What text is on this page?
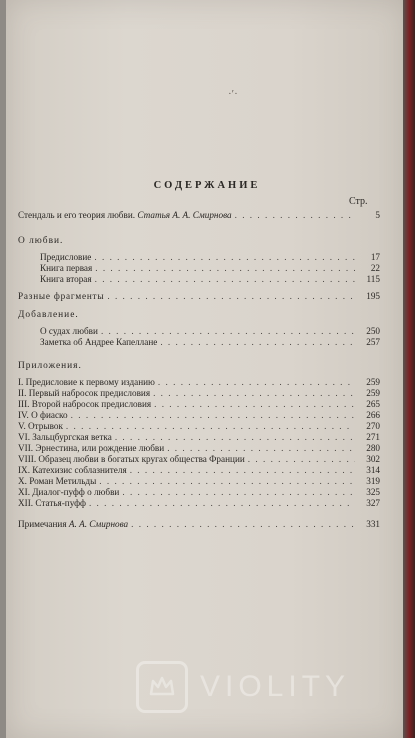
·ʹ·
СОДЕРЖАНИЕ
Стр.
Стендаль и его теория любви. Статья А. А. Смирнова . . .	5
О любви.
Предисловие . . .	17
Книга первая . . .	22
Книга вторая . . .	115
Разные фрагменты . . .	195
Добавление.
О судах любви . . .	250
Заметка об Андрее Капеллане . . .	257
Приложения.
I. Предисловие к первому изданию . . .	259
II. Первый набросок предисловия . . .	259
III. Второй набросок предисловия . . .	265
IV. О фиаско . . .	266
V. Отрывок . . .	270
VI. Зальцбургская ветка . . .	271
VII. Эрнестина, или рождение любви . . .	280
VIII. Образец любви в богатых кругах общества Франции . . .	302
IX. Катехизис соблазнителя . . .	314
X. Роман Метильды . . .	319
XI. Диалог-пуфф о любви . . .	325
XII. Статья-пуфф . . .	327
Примечания А. А. Смирнова . . .	331
VIOLITY
